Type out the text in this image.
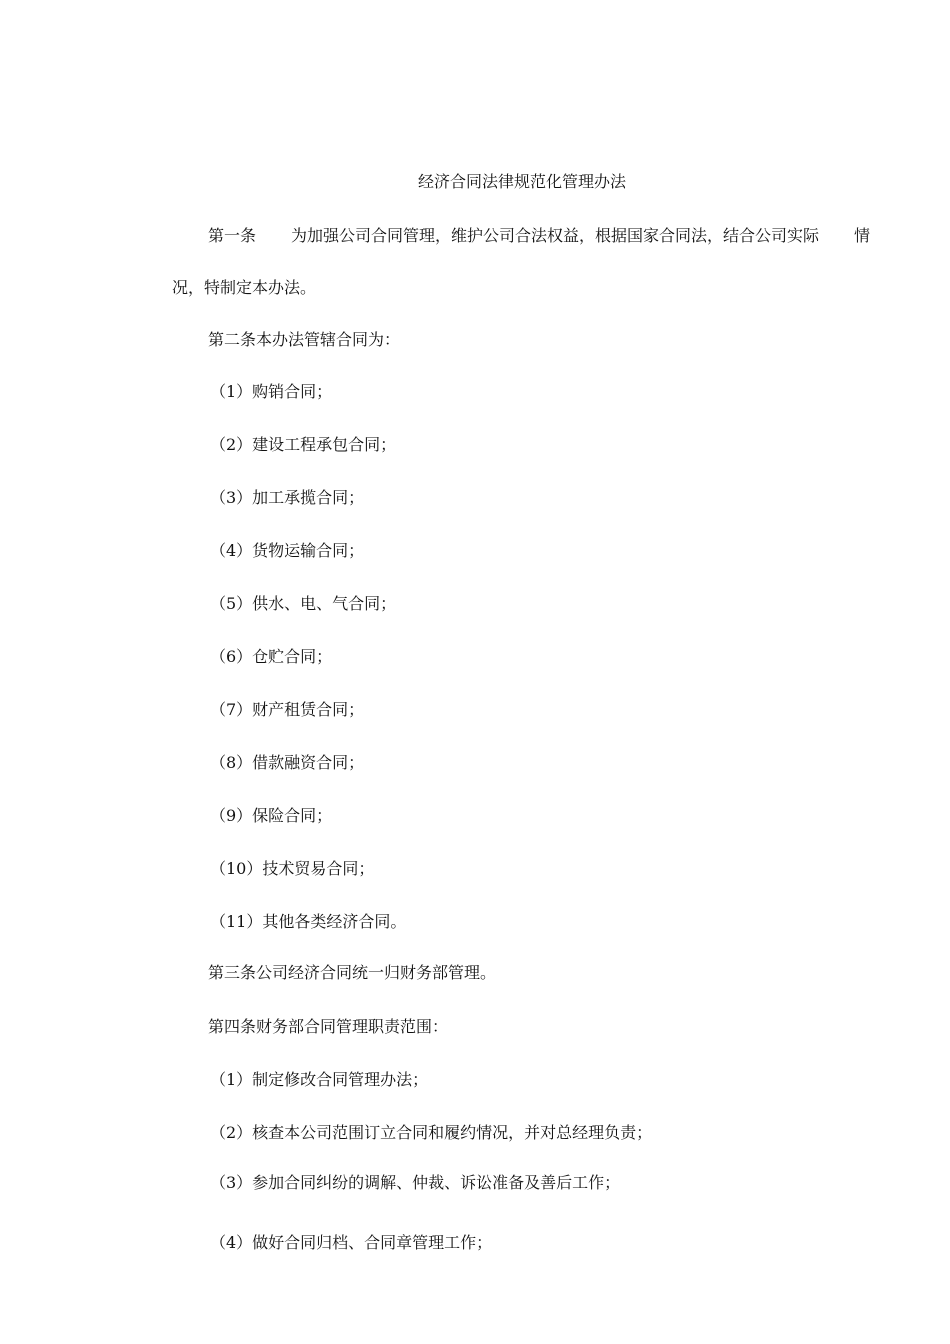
经济合同法律规范化管理办法
第一条 为加强公司合同管理，维护公司合法权益，根据国家合同法，结合公司实际 情
况，特制定本办法。
第二条本办法管辖合同为：
（1）购销合同；
（2）建设工程承包合同；
（3）加工承揽合同；
（4）货物运输合同；
（5）供水、电、气合同；
（6）仓贮合同；
（7）财产租赁合同；
（8）借款融资合同；
（9）保险合同；
（10）技术贸易合同；
（11）其他各类经济合同。
第三条公司经济合同统一归财务部管理。
第四条财务部合同管理职责范围：
（1）制定修改合同管理办法；
（2）核查本公司范围订立合同和履约情况，并对总经理负责；
（3）参加合同纠纷的调解、仲裁、诉讼准备及善后工作；
（4）做好合同归档、合同章管理工作；
